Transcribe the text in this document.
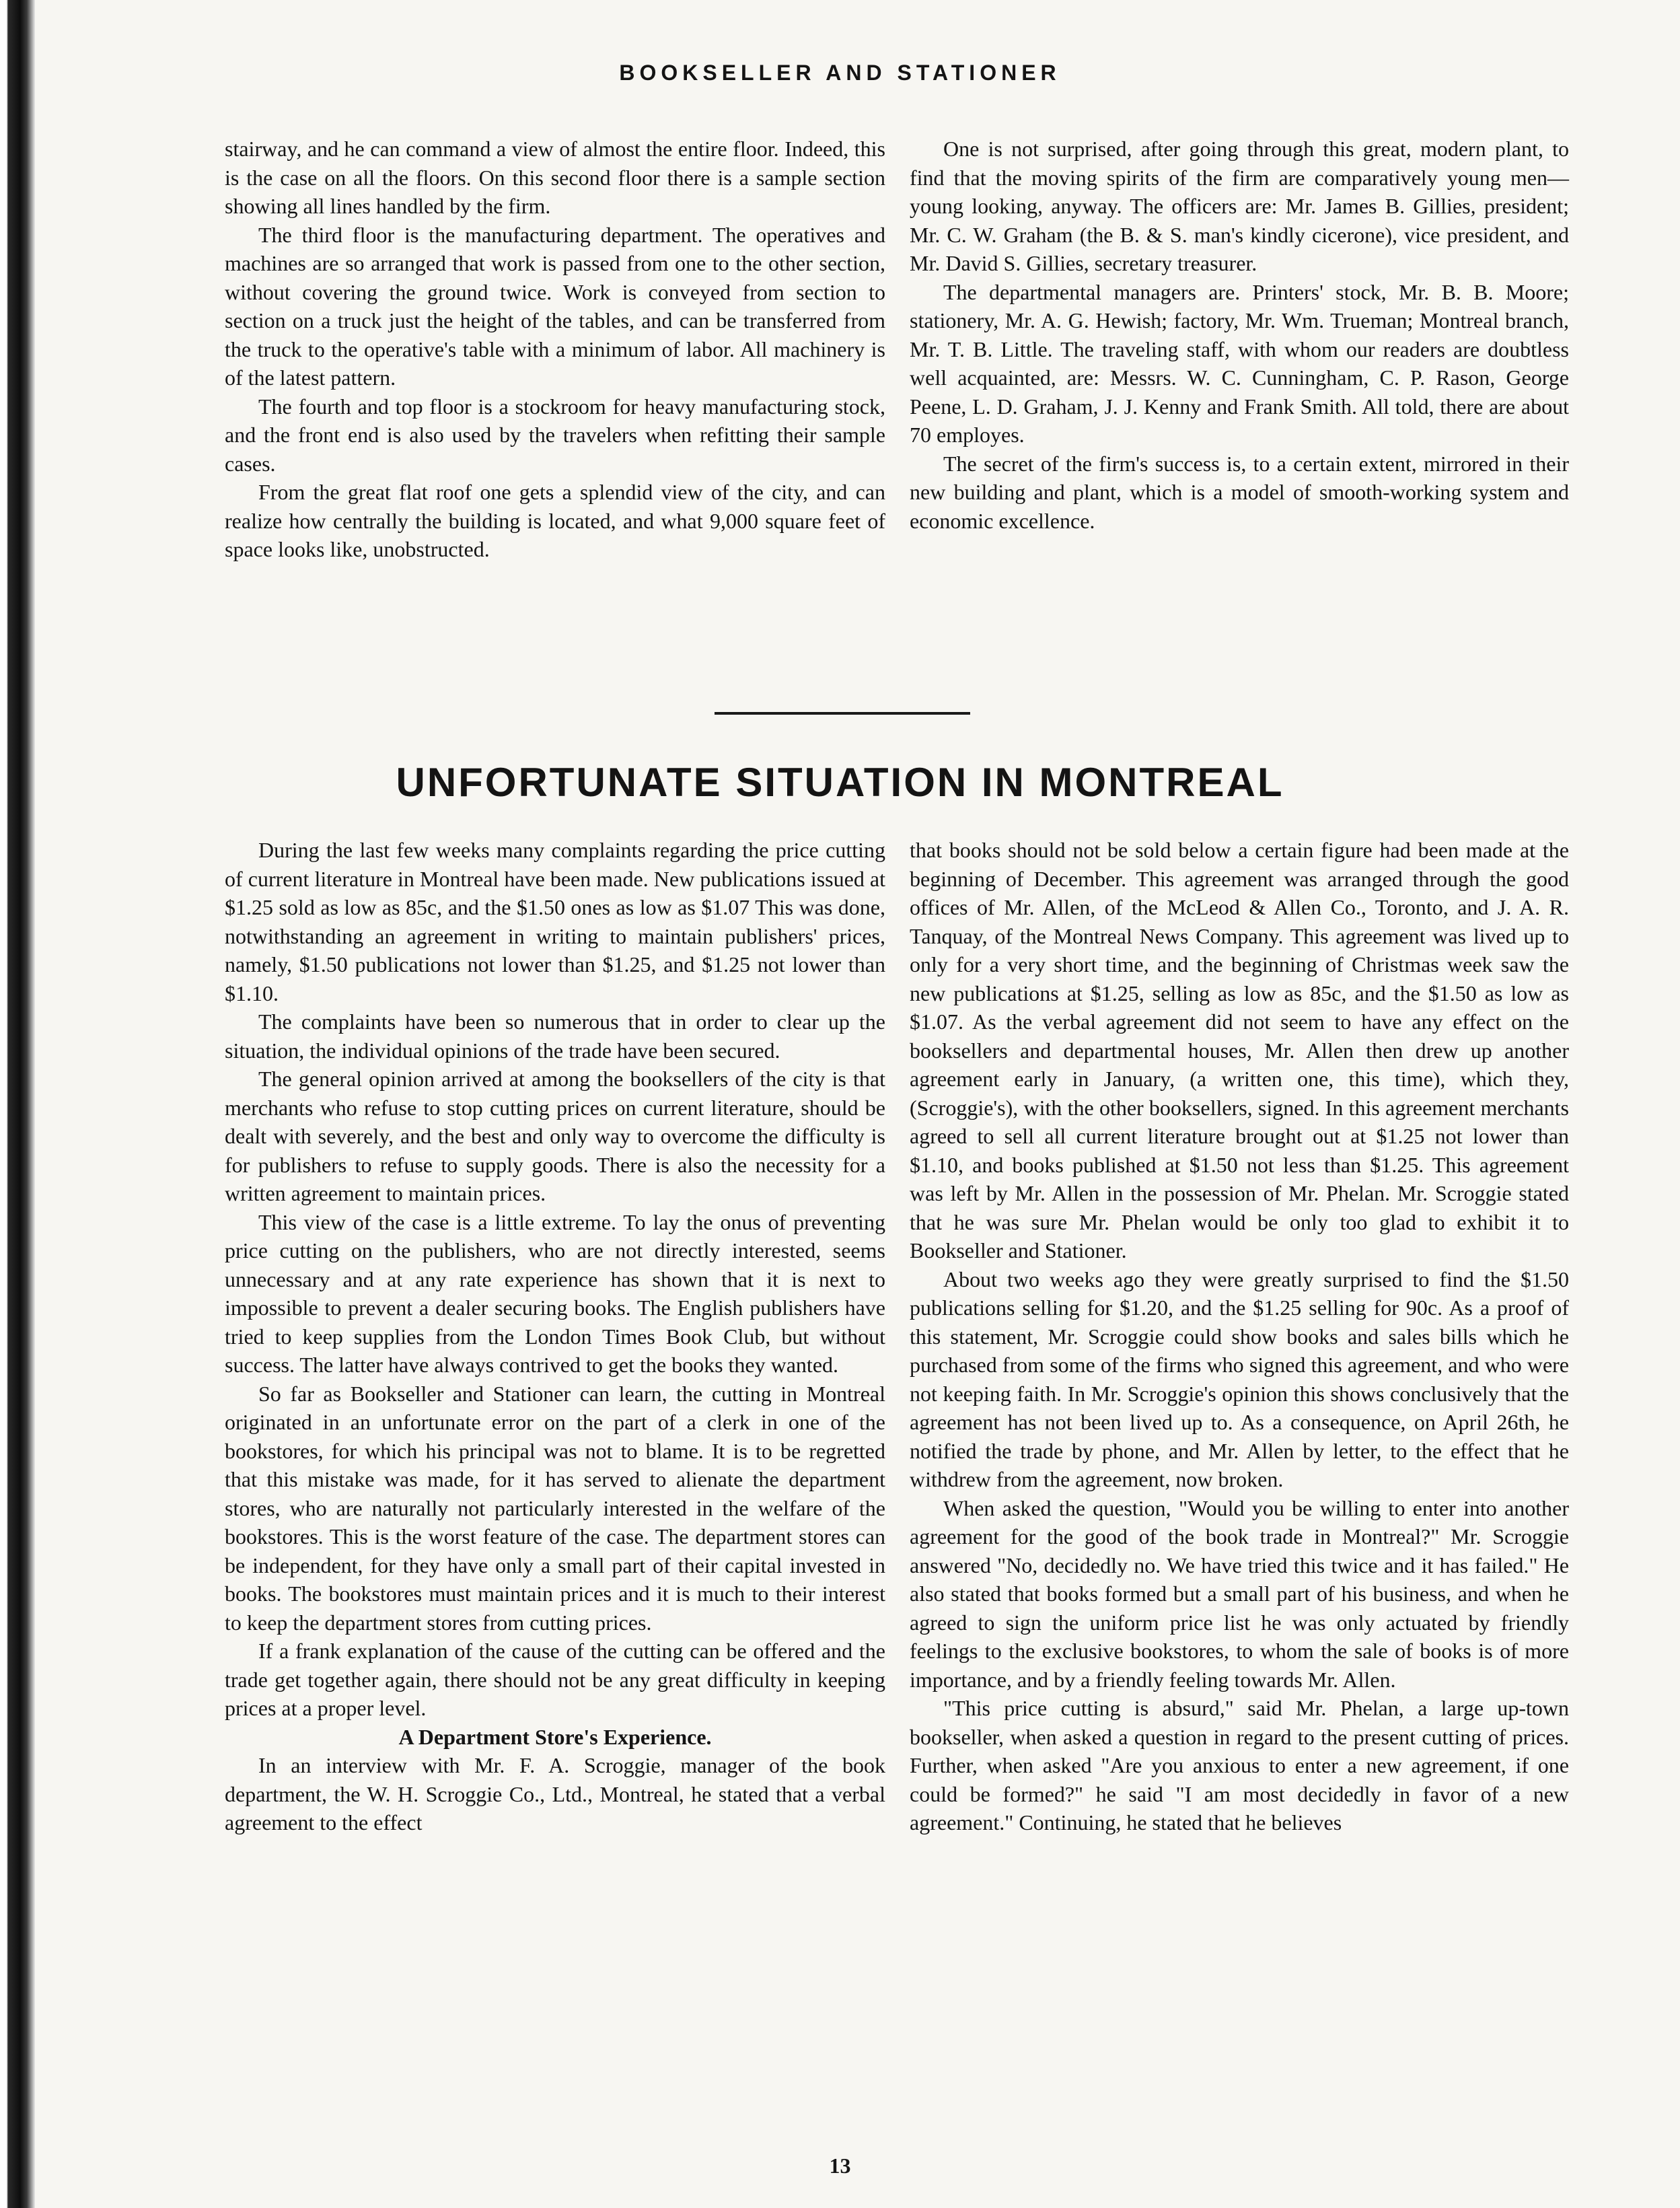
BOOKSELLER AND STATIONER

stairway, and he can command a view of almost the entire floor. Indeed, this is the case on all the floors. On this second floor there is a sample section showing all lines handled by the firm.

The third floor is the manufacturing department. The operatives and machines are so arranged that work is passed from one to the other section, without covering the ground twice. Work is conveyed from section to section on a truck just the height of the tables, and can be transferred from the truck to the operative's table with a minimum of labor. All machinery is of the latest pattern.

The fourth and top floor is a stockroom for heavy manufacturing stock, and the front end is also used by the travelers when refitting their sample cases.

From the great flat roof one gets a splendid view of the city, and can realize how centrally the building is located, and what 9,000 square feet of space looks like, unobstructed.

One is not surprised, after going through this great, modern plant, to find that the moving spirits of the firm are comparatively young men—young looking, anyway. The officers are: Mr. James B. Gillies, president; Mr. C. W. Graham (the B. & S. man's kindly cicerone), vice president, and Mr. David S. Gillies, secretary treasurer.

The departmental managers are. Printers' stock, Mr. B. B. Moore; stationery, Mr. A. G. Hewish; factory, Mr. Wm. Trueman; Montreal branch, Mr. T. B. Little. The traveling staff, with whom our readers are doubtless well acquainted, are: Messrs. W. C. Cunningham, C. P. Rason, George Peene, L. D. Graham, J. J. Kenny and Frank Smith. All told, there are about 70 employes.

The secret of the firm's success is, to a certain extent, mirrored in their new building and plant, which is a model of smooth-working system and economic excellence.

UNFORTUNATE SITUATION IN MONTREAL

During the last few weeks many complaints regarding the price cutting of current literature in Montreal have been made. New publications issued at $1.25 sold as low as 85c, and the $1.50 ones as low as $1.07 This was done, notwithstanding an agreement in writing to maintain publishers' prices, namely, $1.50 publications not lower than $1.25, and $1.25 not lower than $1.10.

The complaints have been so numerous that in order to clear up the situation, the individual opinions of the trade have been secured.

The general opinion arrived at among the booksellers of the city is that merchants who refuse to stop cutting prices on current literature, should be dealt with severely, and the best and only way to overcome the difficulty is for publishers to refuse to supply goods. There is also the necessity for a written agreement to maintain prices.

This view of the case is a little extreme. To lay the onus of preventing price cutting on the publishers, who are not directly interested, seems unnecessary and at any rate experience has shown that it is next to impossible to prevent a dealer securing books. The English publishers have tried to keep supplies from the London Times Book Club, but without success. The latter have always contrived to get the books they wanted.

So far as Bookseller and Stationer can learn, the cutting in Montreal originated in an unfortunate error on the part of a clerk in one of the bookstores, for which his principal was not to blame. It is to be regretted that this mistake was made, for it has served to alienate the department stores, who are naturally not particularly interested in the welfare of the bookstores. This is the worst feature of the case. The department stores can be independent, for they have only a small part of their capital invested in books. The bookstores must maintain prices and it is much to their interest to keep the department stores from cutting prices.

If a frank explanation of the cause of the cutting can be offered and the trade get together again, there should not be any great difficulty in keeping prices at a proper level.

A Department Store's Experience.

In an interview with Mr. F. A. Scroggie, manager of the book department, the W. H. Scroggie Co., Ltd., Montreal, he stated that a verbal agreement to the effect

that books should not be sold below a certain figure had been made at the beginning of December. This agreement was arranged through the good offices of Mr. Allen, of the McLeod & Allen Co., Toronto, and J. A. R. Tanquay, of the Montreal News Company. This agreement was lived up to only for a very short time, and the beginning of Christmas week saw the new publications at $1.25, selling as low as 85c, and the $1.50 as low as $1.07. As the verbal agreement did not seem to have any effect on the booksellers and departmental houses, Mr. Allen then drew up another agreement early in January, (a written one, this time), which they, (Scroggie's), with the other booksellers, signed. In this agreement merchants agreed to sell all current literature brought out at $1.25 not lower than $1.10, and books published at $1.50 not less than $1.25. This agreement was left by Mr. Allen in the possession of Mr. Phelan. Mr. Scroggie stated that he was sure Mr. Phelan would be only too glad to exhibit it to Bookseller and Stationer.

About two weeks ago they were greatly surprised to find the $1.50 publications selling for $1.20, and the $1.25 selling for 90c. As a proof of this statement, Mr. Scroggie could show books and sales bills which he purchased from some of the firms who signed this agreement, and who were not keeping faith. In Mr. Scroggie's opinion this shows conclusively that the agreement has not been lived up to. As a consequence, on April 26th, he notified the trade by phone, and Mr. Allen by letter, to the effect that he withdrew from the agreement, now broken.

When asked the question, "Would you be willing to enter into another agreement for the good of the book trade in Montreal?" Mr. Scroggie answered "No, decidedly no. We have tried this twice and it has failed." He also stated that books formed but a small part of his business, and when he agreed to sign the uniform price list he was only actuated by friendly feelings to the exclusive bookstores, to whom the sale of books is of more importance, and by a friendly feeling towards Mr. Allen.

"This price cutting is absurd," said Mr. Phelan, a large up-town bookseller, when asked a question in regard to the present cutting of prices. Further, when asked "Are you anxious to enter a new agreement, if one could be formed?" he said "I am most decidedly in favor of a new agreement." Continuing, he stated that he believes

13
